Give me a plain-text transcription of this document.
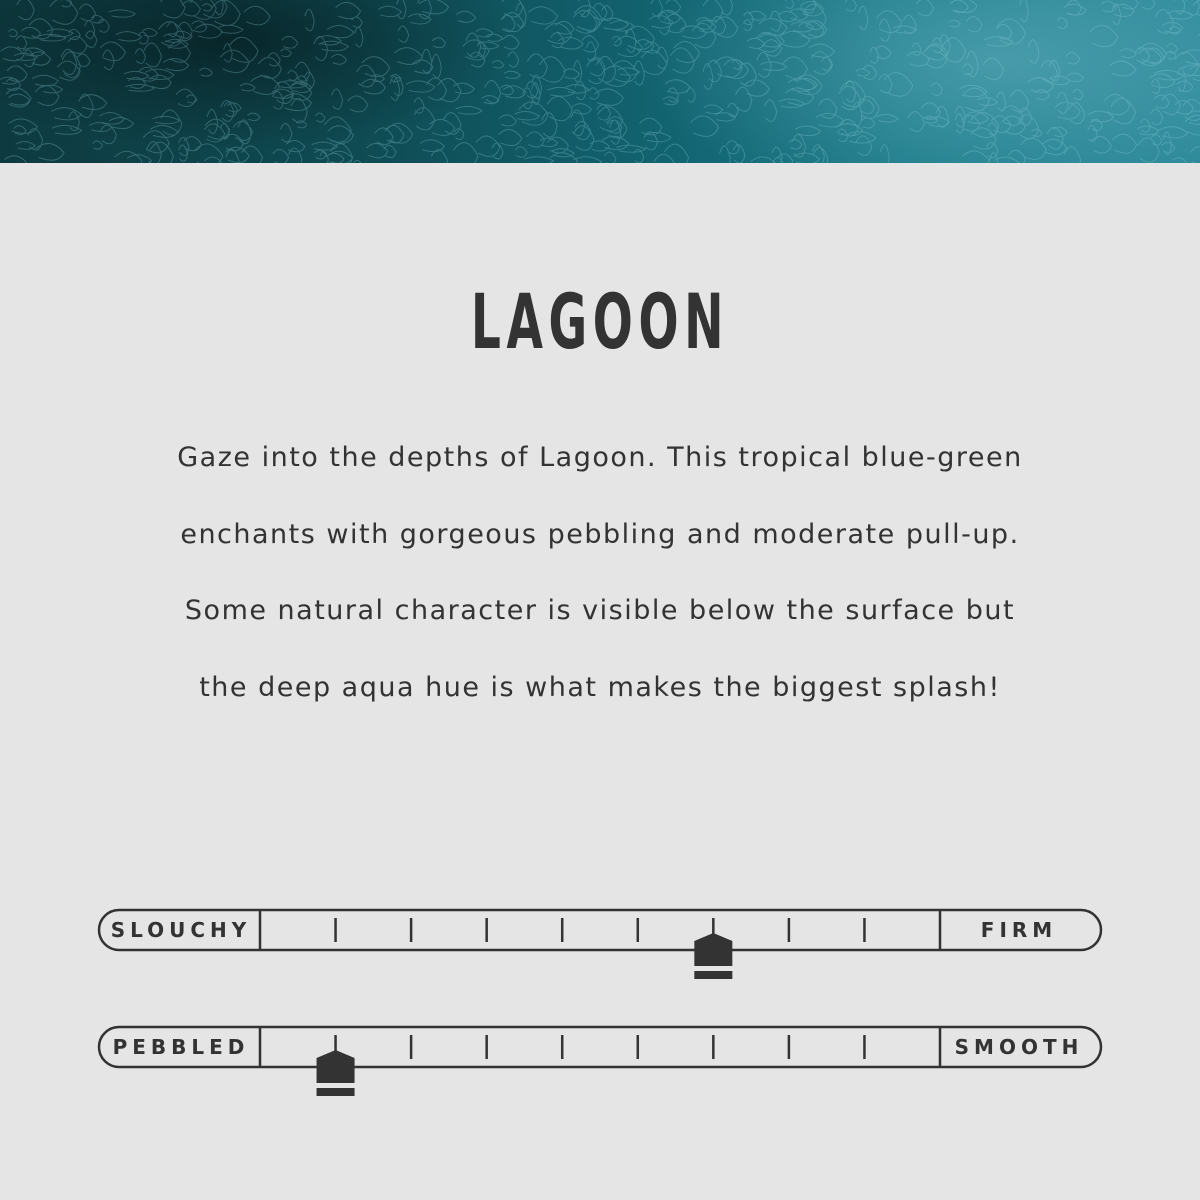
LAGOON
Gaze into the depths of Lagoon. This tropical blue-green
enchants with gorgeous pebbling and moderate pull-up.
Some natural character is visible below the surface but
the deep aqua hue is what makes the biggest splash!
SLOUCHY	FIRM
PEBBLED	SMOOTH
